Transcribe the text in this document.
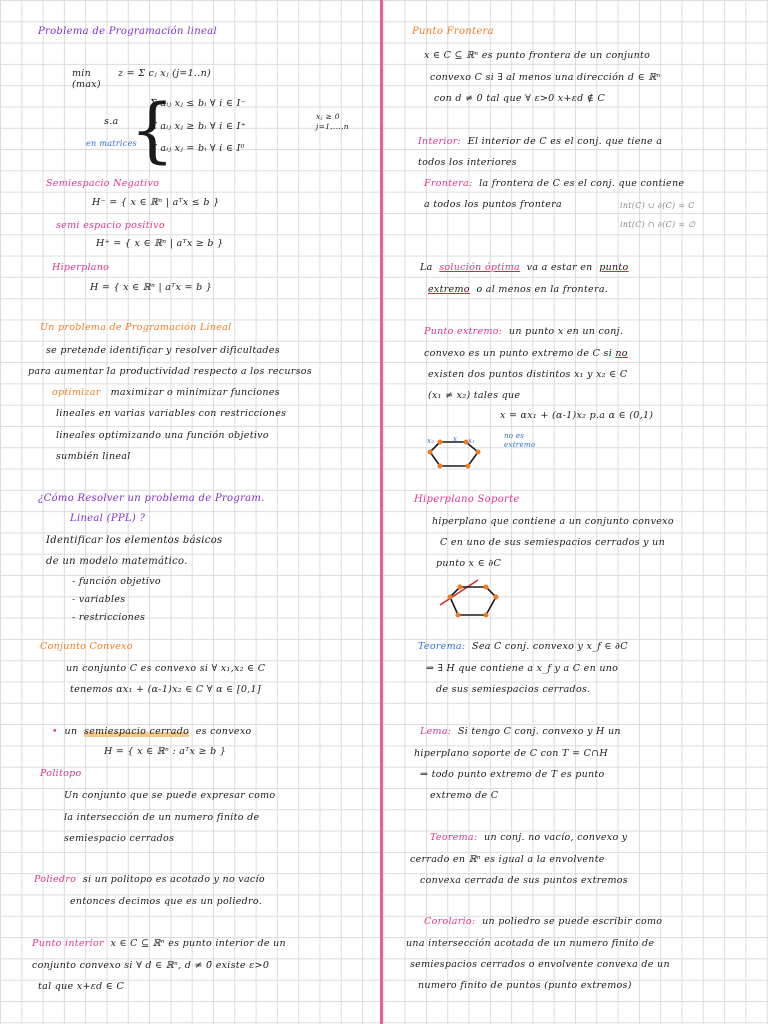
Problema de Programación lineal
min
(max)
z = Σ cⱼ xⱼ (j=1..n)
s.a
en matrices
{
Σ aᵢⱼ xⱼ ≤ bᵢ ∀ i ∈ I⁻
Σ aᵢⱼ xⱼ ≥ bᵢ ∀ i ∈ I⁺
Σ aᵢⱼ xⱼ = bᵢ ∀ i ∈ I⁰
xⱼ ≥ 0
j=1,...,n
Semiespacio Negativo
H⁻ = { x ∈ ℝⁿ | aᵀx ≤ b }
semi espacio positivo
H⁺ = { x ∈ ℝⁿ | aᵀx ≥ b }
Hiperplano
H = { x ∈ ℝⁿ | aᵀx = b }
Un problema de Programación Lineal
se pretende identificar y resolver dificultades
para aumentar la productividad respecto a los recursos
optimizar maximizar o minimizar funciones
lineales en varias variables con restricciones
lineales optimizando una función objetivo
sumbién lineal
¿Cómo Resolver un problema de Program.
Lineal (PPL) ?
Identificar los elementos básicos
de un modelo matemático.
- función objetivo
- variables
- restricciones
Conjunto Convexo
un conjunto C es convexo si ∀ x₁,x₂ ∈ C
tenemos αx₁ + (α-1)x₂ ∈ C ∀ α ∈ [0,1]
• un semiespacio cerrado es convexo
H = { x ∈ ℝⁿ : aᵀx ≥ b }
Politopo
Un conjunto que se puede expresar como
la intersección de un numero finito de
semiespacio cerrados
Poliedro si un politopo es acotado y no vacío
entonces decimos que es un poliedro.
Punto interior x ∈ C ⊆ ℝⁿ es punto interior de un
conjunto convexo si ∀ d ∈ ℝⁿ, d ≠ 0̄ existe ε>0
tal que x+εd ∈ C
Punto Frontera
x ∈ C ⊆ ℝⁿ es punto frontera de un conjunto
convexo C si ∃ al menos una dirección d ∈ ℝⁿ
con d ≠ 0 tal que ∀ ε>0 x+εd ∉ C
Interior: El interior de C es el conj. que tiene a
todos los interiores
Frontera: la frontera de C es el conj. que contiene
a todos los puntos frontera	int(C) ∪ ∂(C) = C
int(C) ∩ ∂(C) = ∅
La solución óptima va a estar en punto
extremo o al menos en la frontera.
Punto extremo: un punto x en un conj.
convexo es un punto extremo de C si no
existen dos puntos distintos x₁ y x₂ ∈ C
(x₁ ≠ x₂) tales que
x = αx₁ + (α-1)x₂ p.a α ∈ (0,1)
x₂	x x₁
no es
extremo
Hiperplano Soporte
hiperplano que contiene a un conjunto convexo
C en uno de sus semiespacios cerrados y un
punto x ∈ ∂C
Teorema: Sea C conj. convexo y x_f ∈ ∂C
⇒ ∃ H que contiene a x_f y a C en uno
de sus semiespacios cerrados.
Lema: Si tengo C conj. convexo y H un
hiperplano soporte de C con T = C∩H
⇒ todo punto extremo de T es punto
extremo de C
Teorema: un conj. no vacío, convexo y
cerrado en ℝⁿ es igual a la envolvente
convexa cerrada de sus puntos extremos
Corolario: un poliedro se puede escribir como
una intersección acotada de un numero finito de
semiespacios cerrados o envolvente convexa de un
numero finito de puntos (punto extremos)
